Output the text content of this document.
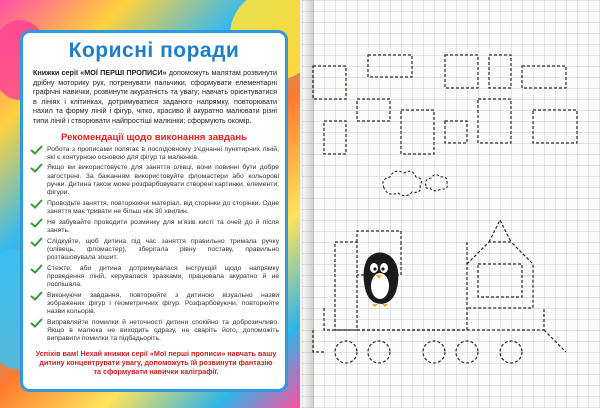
Корисні поради

Книжки серії «МОЇ ПЕРШІ ПРОПИСИ» допоможуть малятам розвинути дрібну моторику рук, потренувати пальчики, сформувати елементарні графічні навички, розвинути акуратність та увагу; навчать орієнтуватися в лініях і клітинках, дотримуватися заданого напрямку, повторювати нахил та форму ліній і фігур, чітко, красиво й акуратно малювати різні типи ліній і створювати найпростіші малюнки; сформують окомір.

Рекомендації щодо виконання завдань
Робота з прописами полягає в послідовному з'єднанні пунктирних ліній, які є контурною основою для фігур та малюнків.
Якщо ви використовуєте для заняття олівці, вони повинні бути добре загострені. За бажанням використовуйте фломастери або кольорові ручки. Дитина також може розфарбовувати створені картинки, елементи, фігури.
Проводьте заняття, повторюючи матеріал, від сторінки до сторінки. Одне заняття має тривати не більш ніж 30 хвилин.
Не забувайте проводити розминку для м'язів кисті та очей до й після занять.
Слідкуйте, щоб дитина під час заняття правильно тримала ручку (олівець, фломастер), зберігала рівну поставу, правильно розташовувала зошит.
Стежте, аби дитина дотримувалася інструкцій щодо напрямку проведення ліній, керувалася зразками, працювала акуратно й не поспішала.
Виконуючи завдання, повторюйте з дитиною візуально назви зображених фігур і геометричних фігур. Розфарбовуючи, повторюйте назви кольорів.
Виправляйте помилки й неточності дитини спокійно та доброзичливо. Якщо в малюка не виходить одразу, не сваріть його, допоможіть виправити помилки та підбадьоріть.

Успіхів вам! Нехай книжки серії «Мої перші прописи» навчать вашу дитину концентрувати увагу, допоможуть їй розвинути фантазію та сформувати навички каліграфії.
